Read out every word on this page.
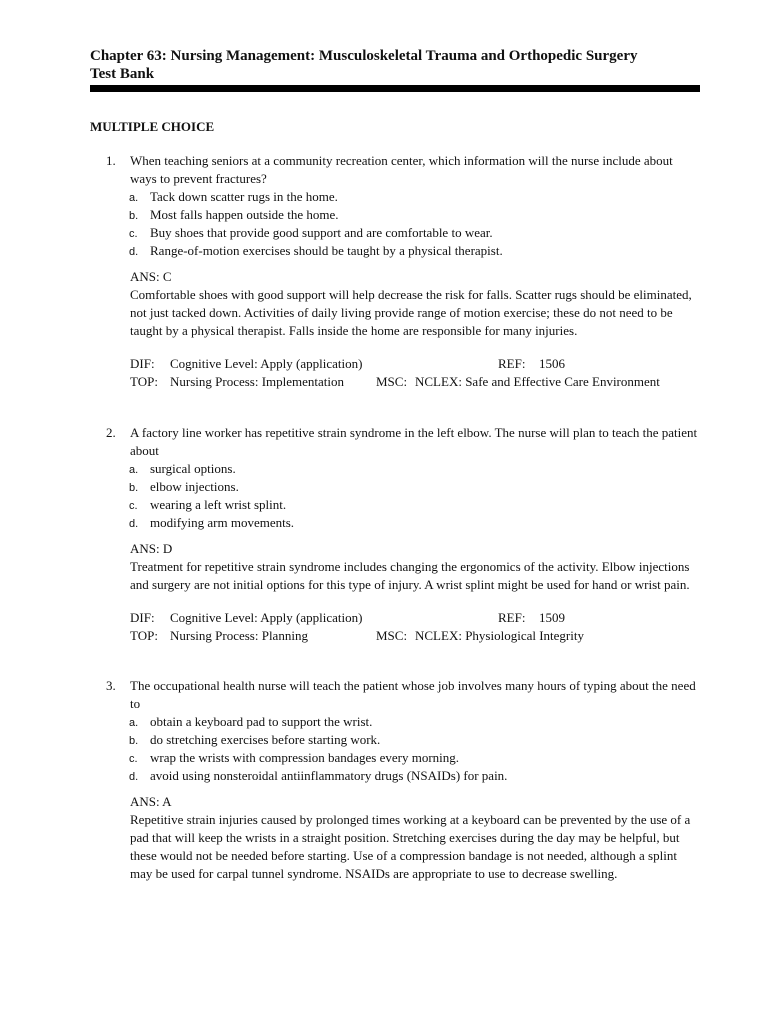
Chapter 63: Nursing Management: Musculoskeletal Trauma and Orthopedic Surgery
Test Bank
MULTIPLE CHOICE
1. When teaching seniors at a community recreation center, which information will the nurse include about ways to prevent fractures?
a. Tack down scatter rugs in the home.
b. Most falls happen outside the home.
c. Buy shoes that provide good support and are comfortable to wear.
d. Range-of-motion exercises should be taught by a physical therapist.
ANS: C
Comfortable shoes with good support will help decrease the risk for falls. Scatter rugs should be eliminated, not just tacked down. Activities of daily living provide range of motion exercise; these do not need to be taught by a physical therapist. Falls inside the home are responsible for many injuries.
DIF: Cognitive Level: Apply (application)	REF: 1506
TOP: Nursing Process: Implementation MSC: NCLEX: Safe and Effective Care Environment
2. A factory line worker has repetitive strain syndrome in the left elbow. The nurse will plan to teach the patient about
a. surgical options.
b. elbow injections.
c. wearing a left wrist splint.
d. modifying arm movements.
ANS: D
Treatment for repetitive strain syndrome includes changing the ergonomics of the activity. Elbow injections and surgery are not initial options for this type of injury. A wrist splint might be used for hand or wrist pain.
DIF: Cognitive Level: Apply (application)	REF: 1509
TOP: Nursing Process: Planning	MSC: NCLEX: Physiological Integrity
3. The occupational health nurse will teach the patient whose job involves many hours of typing about the need to
a. obtain a keyboard pad to support the wrist.
b. do stretching exercises before starting work.
c. wrap the wrists with compression bandages every morning.
d. avoid using nonsteroidal antiinflammatory drugs (NSAIDs) for pain.
ANS: A
Repetitive strain injuries caused by prolonged times working at a keyboard can be prevented by the use of a pad that will keep the wrists in a straight position. Stretching exercises during the day may be helpful, but these would not be needed before starting. Use of a compression bandage is not needed, although a splint may be used for carpal tunnel syndrome. NSAIDs are appropriate to use to decrease swelling.
